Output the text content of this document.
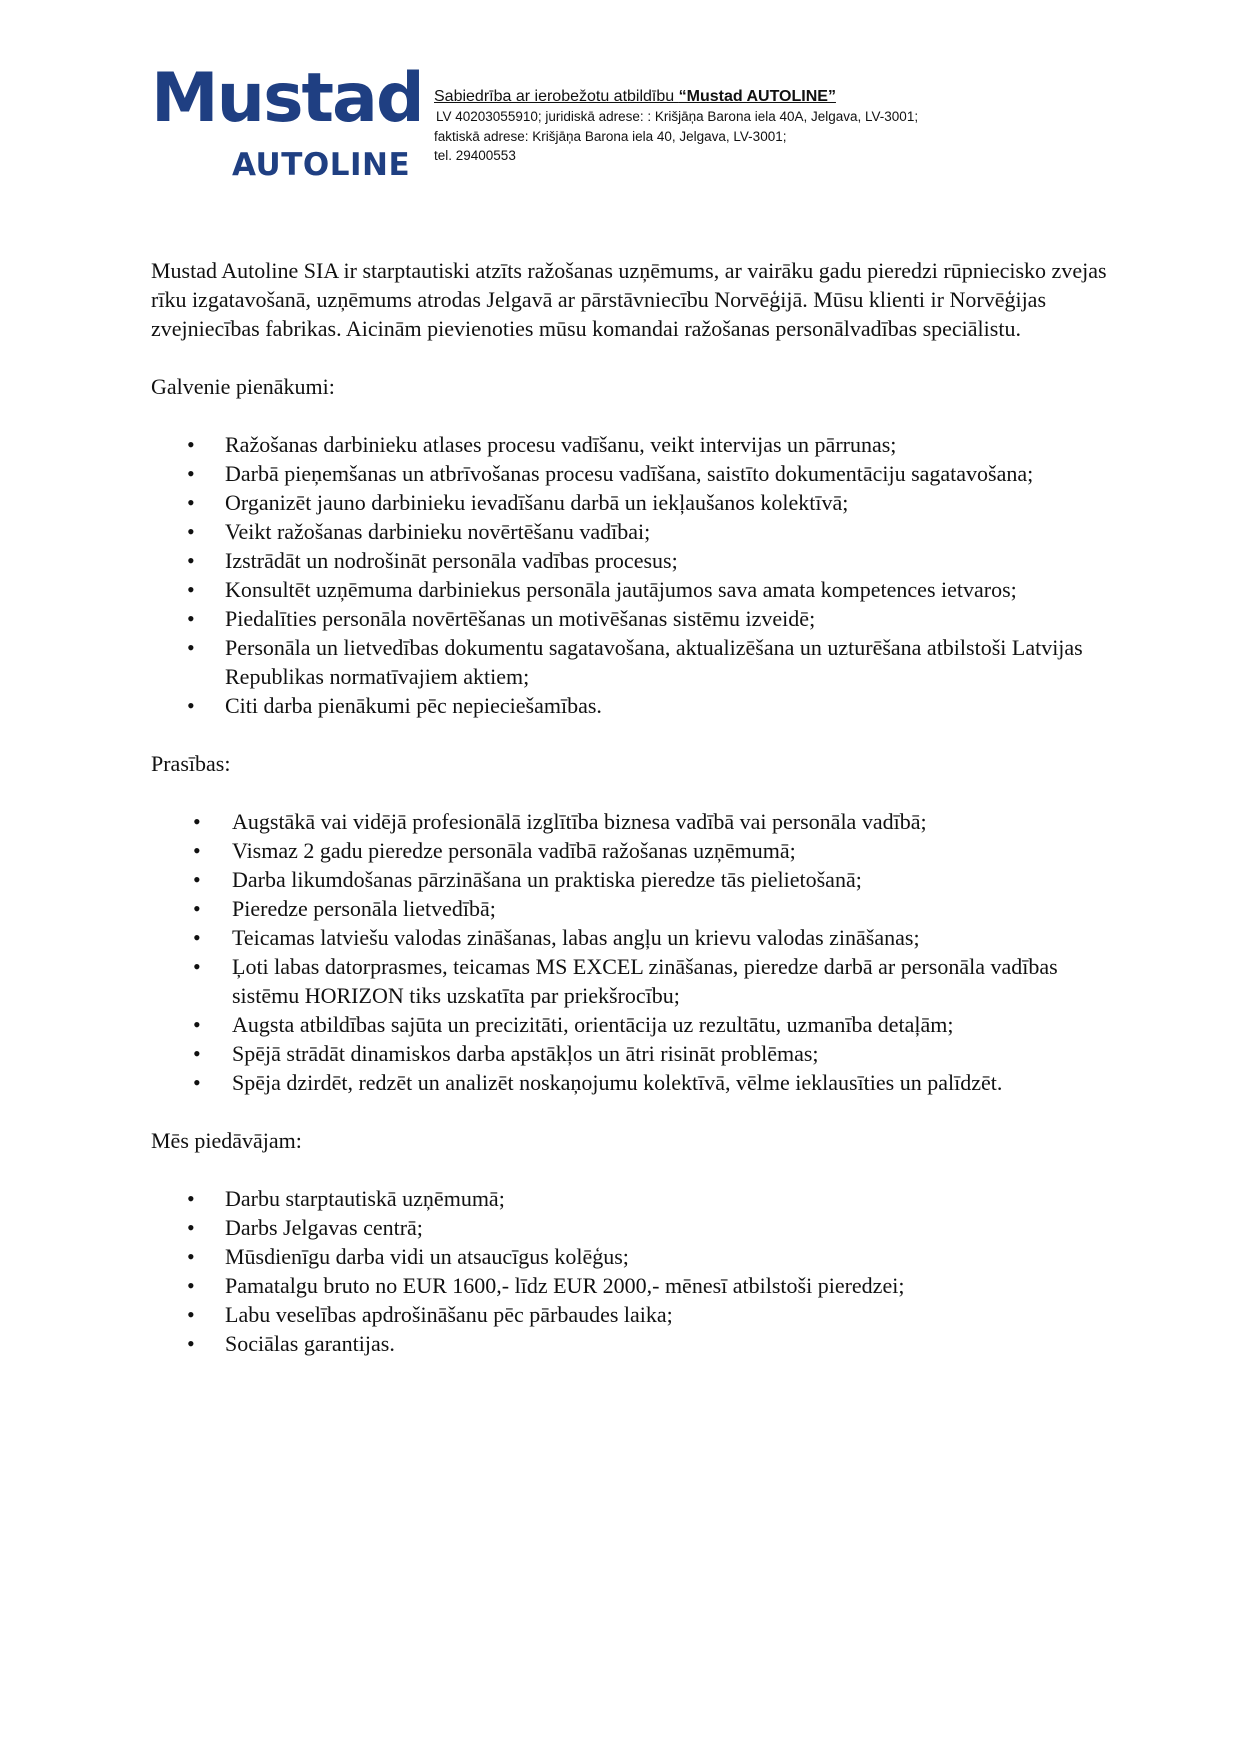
Mustad
AUTOLINE
Sabiedrība ar ierobežotu atbildību “Mustad AUTOLINE”
LV 40203055910; juridiskā adrese: : Krišjāņa Barona iela 40A, Jelgava, LV-3001;
faktiskā adrese: Krišjāņa Barona iela 40, Jelgava, LV-3001;
tel. 29400553

Mustad Autoline SIA ir starptautiski atzīts ražošanas uzņēmums, ar vairāku gadu pieredzi rūpniecisko zvejas rīku izgatavošanā, uzņēmums atrodas Jelgavā ar pārstāvniecību Norvēģijā. Mūsu klienti ir Norvēģijas zvejniecības fabrikas. Aicinām pievienoties mūsu komandai ražošanas personālvadības speciālistu.

Galvenie pienākumi:

• Ražošanas darbinieku atlases procesu vadīšanu, veikt intervijas un pārrunas;
• Darbā pieņemšanas un atbrīvošanas procesu vadīšana, saistīto dokumentāciju sagatavošana;
• Organizēt jauno darbinieku ievadīšanu darbā un iekļaušanos kolektīvā;
• Veikt ražošanas darbinieku novērtēšanu vadībai;
• Izstrādāt un nodrošināt personāla vadības procesus;
• Konsultēt uzņēmuma darbiniekus personāla jautājumos sava amata kompetences ietvaros;
• Piedalīties personāla novērtēšanas un motivēšanas sistēmu izveidē;
• Personāla un lietvedības dokumentu sagatavošana, aktualizēšana un uzturēšana atbilstoši Latvijas Republikas normatīvajiem aktiem;
• Citi darba pienākumi pēc nepieciešamības.

Prasības:

• Augstākā vai vidējā profesionālā izglītība biznesa vadībā vai personāla vadībā;
• Vismaz 2 gadu pieredze personāla vadībā ražošanas uzņēmumā;
• Darba likumdošanas pārzināšana un praktiska pieredze tās pielietošanā;
• Pieredze personāla lietvedībā;
• Teicamas latviešu valodas zināšanas, labas angļu un krievu valodas zināšanas;
• Ļoti labas datorprasmes, teicamas MS EXCEL zināšanas, pieredze darbā ar personāla vadības sistēmu HORIZON tiks uzskatīta par priekšrocību;
• Augsta atbildības sajūta un precizitāti, orientācija uz rezultātu, uzmanība detaļām;
• Spējā strādāt dinamiskos darba apstākļos un ātri risināt problēmas;
• Spēja dzirdēt, redzēt un analizēt noskaņojumu kolektīvā, vēlme ieklausīties un palīdzēt.

Mēs piedāvājam:

• Darbu starptautiskā uzņēmumā;
• Darbs Jelgavas centrā;
• Mūsdienīgu darba vidi un atsaucīgus kolēģus;
• Pamatalgu bruto no EUR 1600,- līdz EUR 2000,- mēnesī atbilstoši pieredzei;
• Labu veselības apdrošināšanu pēc pārbaudes laika;
• Sociālas garantijas.
